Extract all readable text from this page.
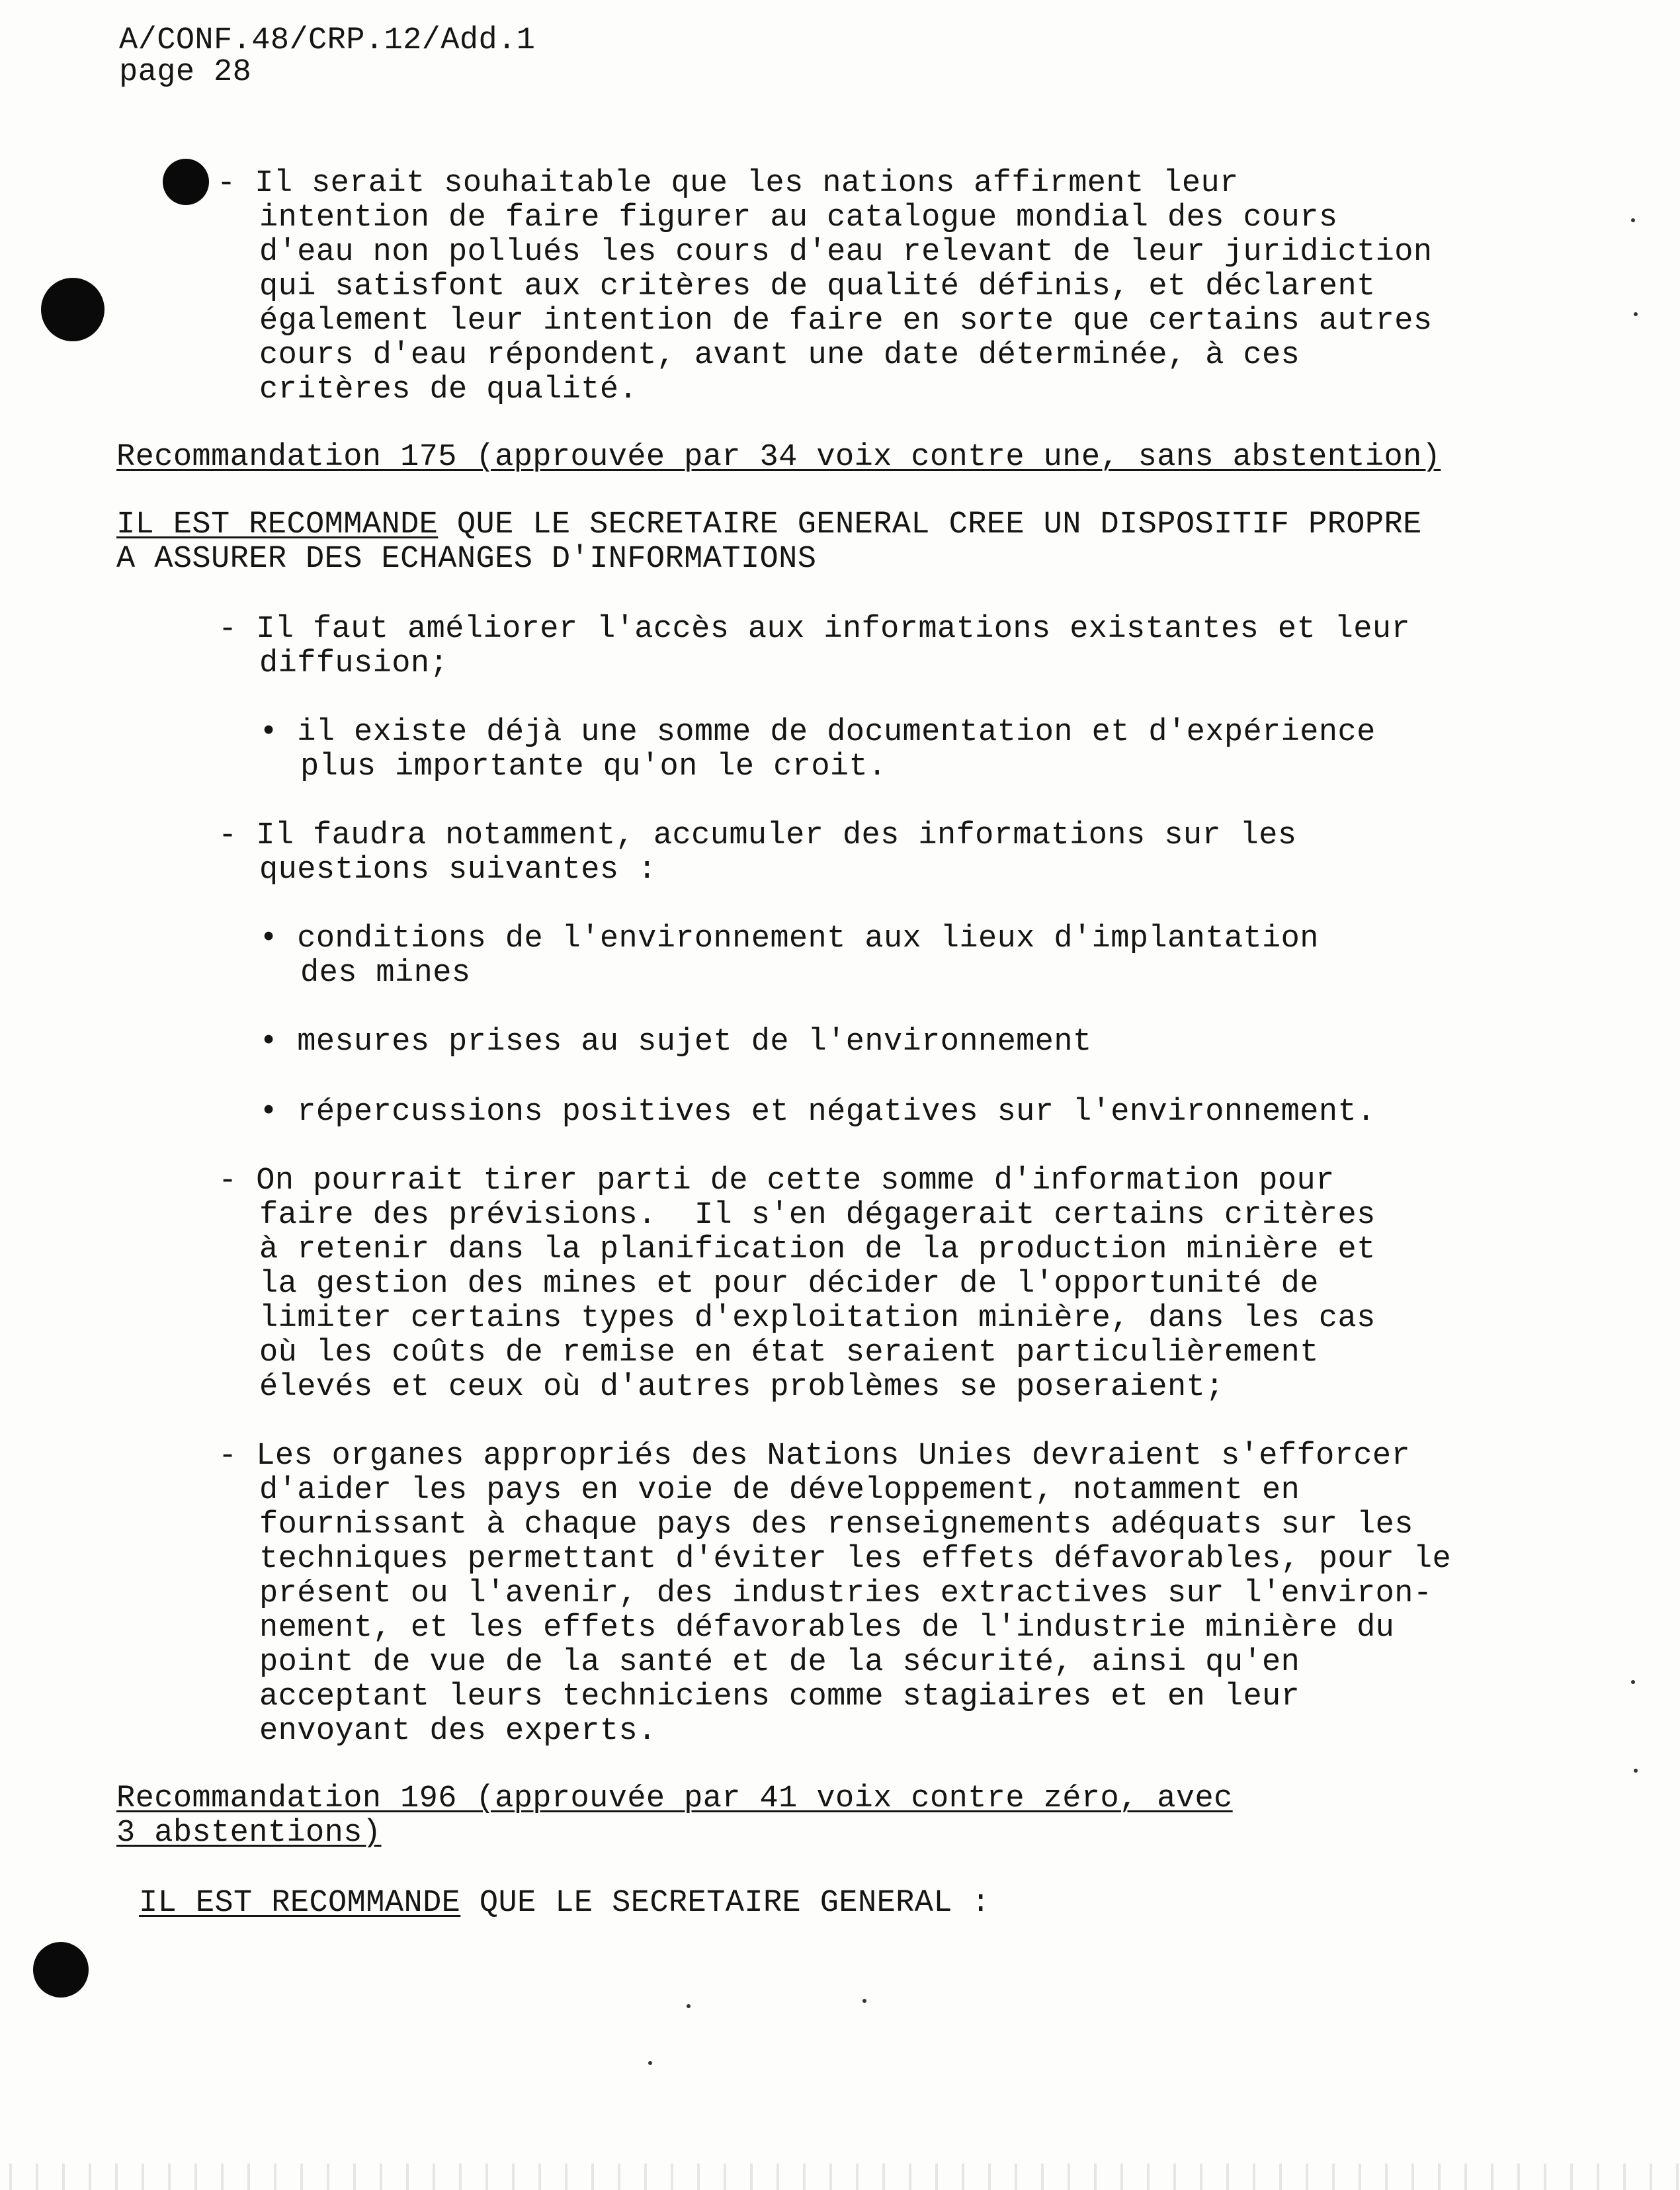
A/CONF.48/CRP.12/Add.1

page 28

- Il serait souhaitable que les nations affirment leur

intention de faire figurer au catalogue mondial des cours

d'eau non pollués les cours d'eau relevant de leur juridiction

qui satisfont aux critères de qualité définis, et déclarent

également leur intention de faire en sorte que certains autres

cours d'eau répondent, avant une date déterminée, à ces

critères de qualité.

Recommandation 175 (approuvée par 34 voix contre une, sans abstention)

IL EST RECOMMANDE QUE LE SECRETAIRE GENERAL CREE UN DISPOSITIF PROPRE

A ASSURER DES ECHANGES D'INFORMATIONS

- Il faut améliorer l'accès aux informations existantes et leur

diffusion;

• il existe déjà une somme de documentation et d'expérience

plus importante qu'on le croit.

- Il faudra notamment, accumuler des informations sur les

questions suivantes :

• conditions de l'environnement aux lieux d'implantation

des mines

• mesures prises au sujet de l'environnement

• répercussions positives et négatives sur l'environnement.

- On pourrait tirer parti de cette somme d'information pour

faire des prévisions.  Il s'en dégagerait certains critères

à retenir dans la planification de la production minière et

la gestion des mines et pour décider de l'opportunité de

limiter certains types d'exploitation minière, dans les cas

où les coûts de remise en état seraient particulièrement

élevés et ceux où d'autres problèmes se poseraient;

- Les organes appropriés des Nations Unies devraient s'efforcer

d'aider les pays en voie de développement, notamment en

fournissant à chaque pays des renseignements adéquats sur les

techniques permettant d'éviter les effets défavorables, pour le

présent ou l'avenir, des industries extractives sur l'environ-

nement, et les effets défavorables de l'industrie minière du

point de vue de la santé et de la sécurité, ainsi qu'en

acceptant leurs techniciens comme stagiaires et en leur

envoyant des experts.

Recommandation 196 (approuvée par 41 voix contre zéro, avec

3 abstentions)

IL EST RECOMMANDE QUE LE SECRETAIRE GENERAL :
